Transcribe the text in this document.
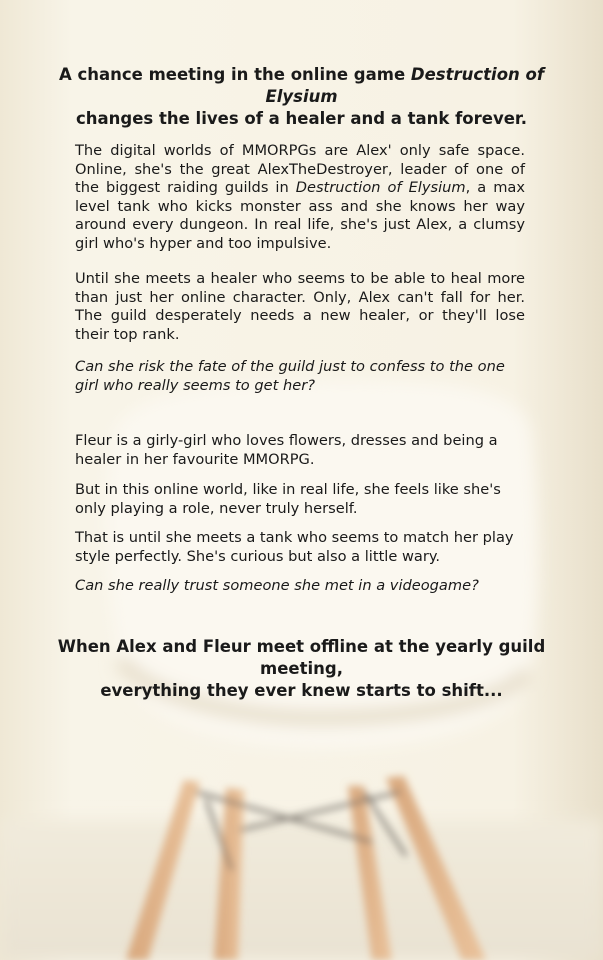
A chance meeting in the online game Destruction of Elysium
changes the lives of a healer and a tank forever.

The digital worlds of MMORPGs are Alex' only safe space. Online, she's the great AlexTheDestroyer, leader of one of the biggest raiding guilds in Destruction of Elysium, a max level tank who kicks monster ass and she knows her way around every dungeon. In real life, she's just Alex, a clumsy girl who's hyper and too impulsive.

Until she meets a healer who seems to be able to heal more than just her online character. Only, Alex can't fall for her. The guild desperately needs a new healer, or they'll lose their top rank.

Can she risk the fate of the guild just to confess to the one girl who really seems to get her?

Fleur is a girly-girl who loves flowers, dresses and being a healer in her favourite MMORPG.

But in this online world, like in real life, she feels like she's only playing a role, never truly herself.

That is until she meets a tank who seems to match her play style perfectly. She's curious but also a little wary.

Can she really trust someone she met in a videogame?

When Alex and Fleur meet offline at the yearly guild meeting,
everything they ever knew starts to shift...
